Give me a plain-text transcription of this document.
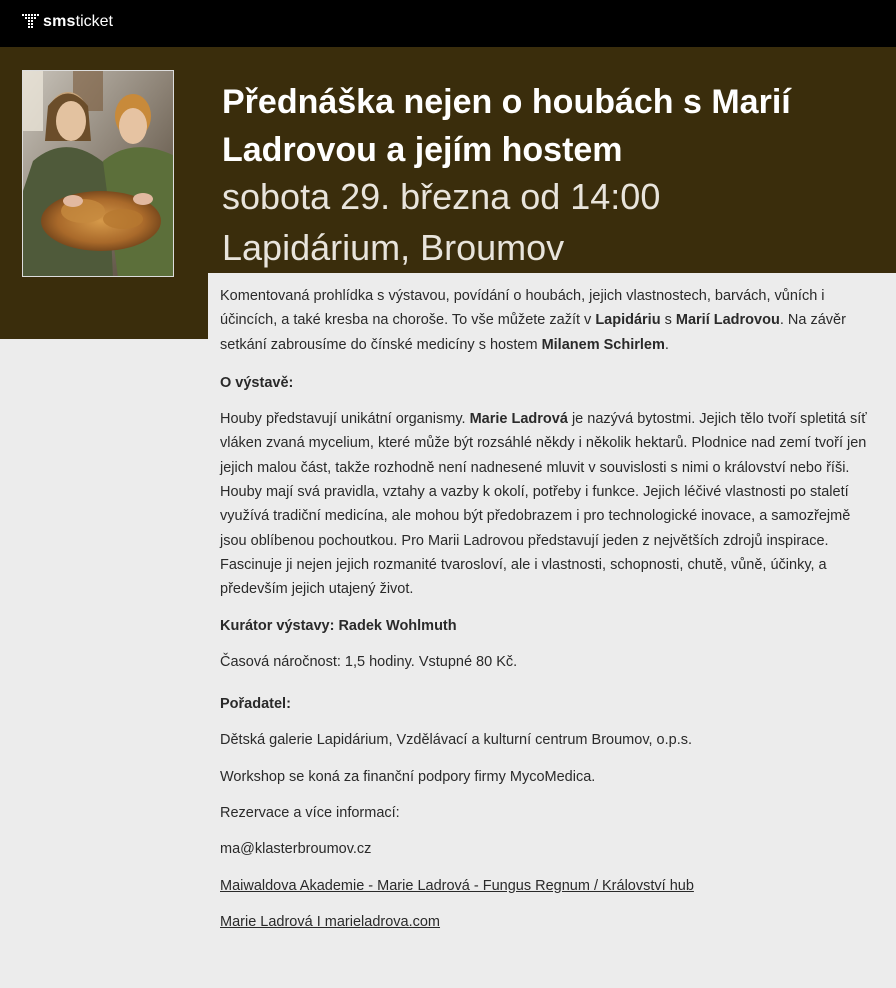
sms ticket
Přednáška nejen o houbách s Marií Ladrovou a jejím hostem
sobota 29. března od 14:00
Lapidárium, Broumov

Komentovaná prohlídka s výstavou, povídání o houbách, jejich vlastnostech, barvách, vůních i účincích, a také kresba na choroše. To vše můžete zažít v Lapidáriu s Marií Ladrovou. Na závěr setkání zabrousíme do čínské medicíny s hostem Milanem Schirlem.

O výstavě:

Houby představují unikátní organismy. Marie Ladrová je nazývá bytostmi. Jejich tělo tvoří spletitá síť vláken zvaná mycelium, které může být rozsáhlé někdy i několik hektarů. Plodnice nad zemí tvoří jen jejich malou část, takže rozhodně není nadnesené mluvit v souvislosti s nimi o království nebo říši. Houby mají svá pravidla, vztahy a vazby k okolí, potřeby i funkce. Jejich léčivé vlastnosti po staletí využívá tradiční medicína, ale mohou být předobrazem i pro technologické inovace, a samozřejmě jsou oblíbenou pochoutkou. Pro Marii Ladrovou představují jeden z největších zdrojů inspirace. Fascinuje ji nejen jejich rozmanité tvarosloví, ale i vlastnosti, schopnosti, chutě, vůně, účinky, a především jejich utajený život.

Kurátor výstavy: Radek Wohlmuth

Časová náročnost: 1,5 hodiny. Vstupné 80 Kč.

Pořadatel:

Dětská galerie Lapidárium, Vzdělávací a kulturní centrum Broumov, o.p.s.

Workshop se koná za finanční podpory firmy MycoMedica.

Rezervace a více informací:

ma@klasterbroumov.cz

Maiwaldova Akademie - Marie Ladrová - Fungus Regnum / Království hub

Marie Ladrová I marieladrova.com
